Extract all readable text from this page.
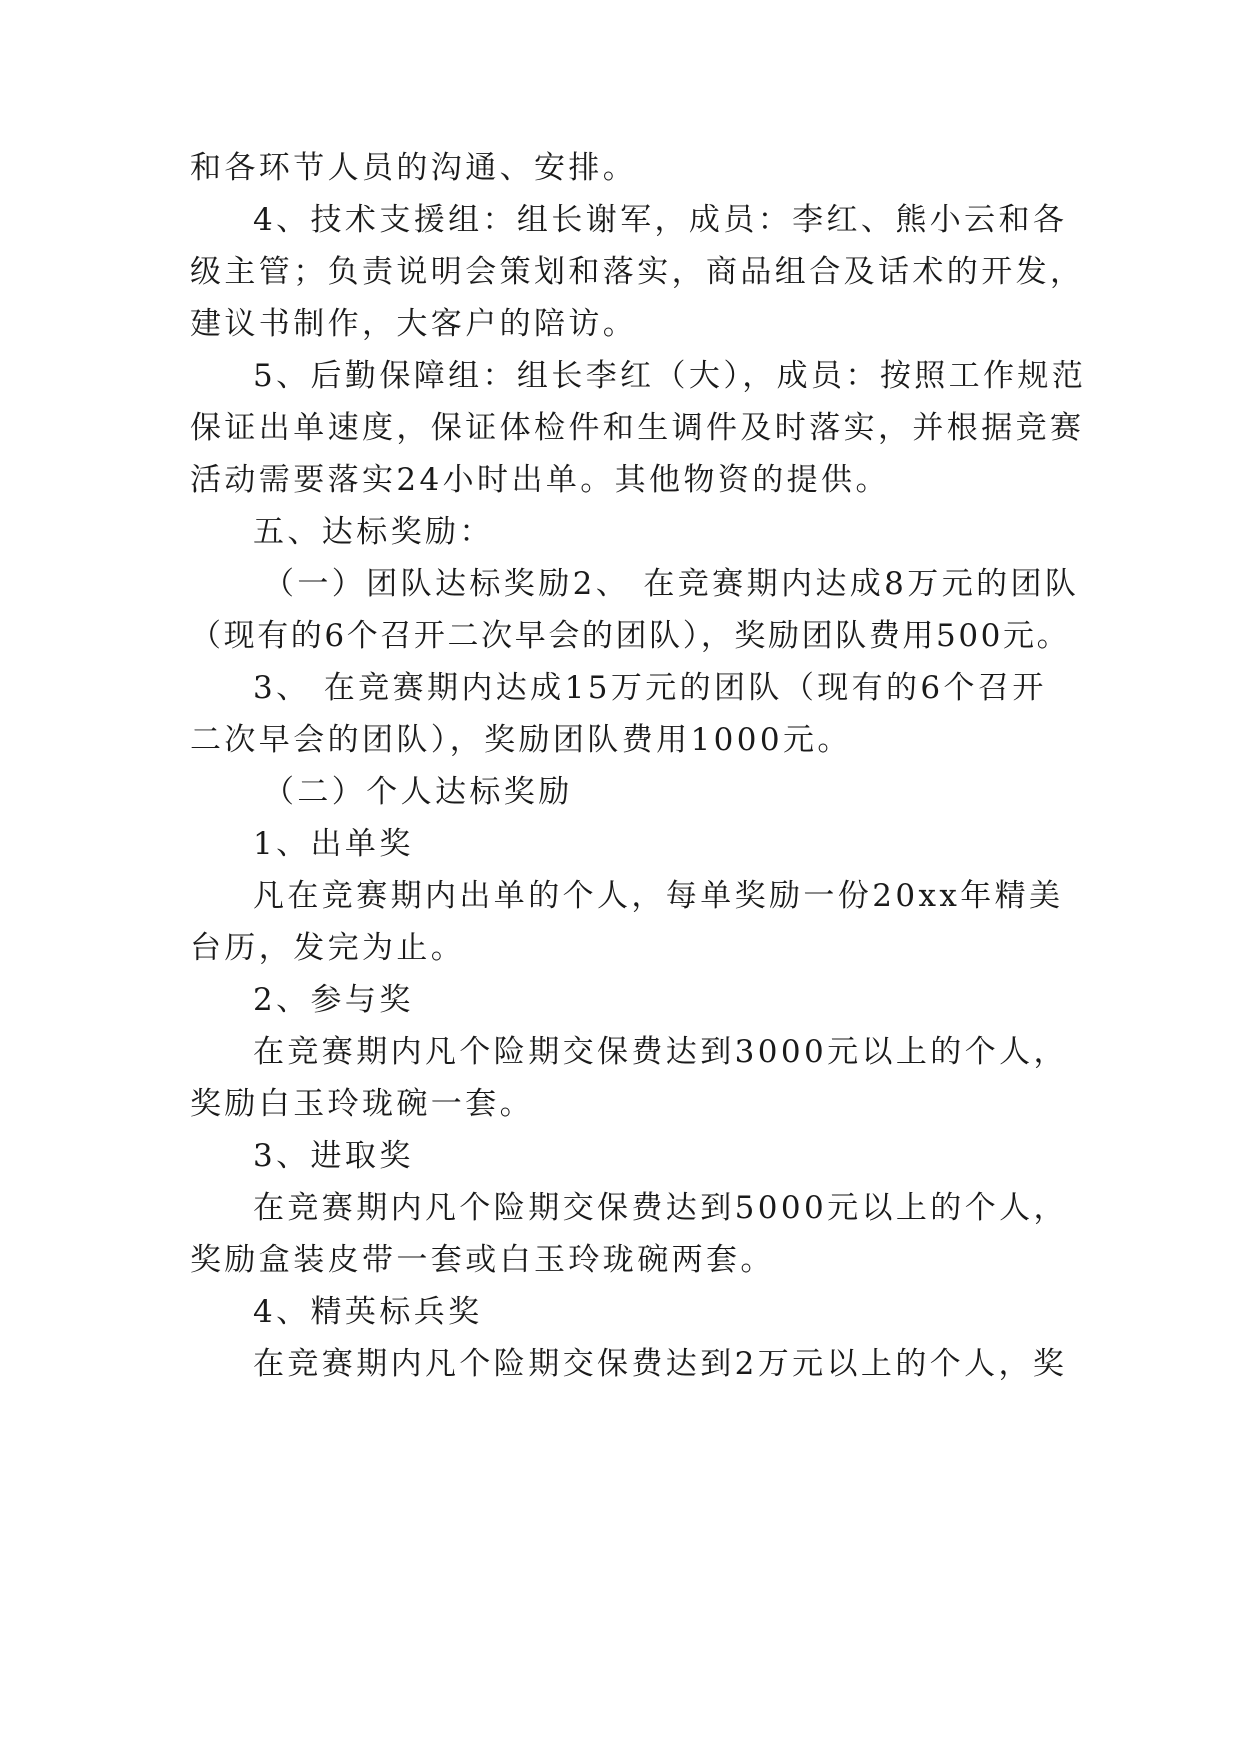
和各环节人员的沟通、安排。
4、技术支援组：组长谢军，成员：李红、熊小云和各
级主管；负责说明会策划和落实，商品组合及话术的开发，
建议书制作，大客户的陪访。
5、后勤保障组：组长李红（大），成员：按照工作规范
保证出单速度，保证体检件和生调件及时落实，并根据竞赛
活动需要落实24小时出单。其他物资的提供。
五、达标奖励：
（一）团队达标奖励2、 在竞赛期内达成8万元的团队
（现有的6个召开二次早会的团队），奖励团队费用500元。
3、 在竞赛期内达成15万元的团队（现有的6个召开
二次早会的团队），奖励团队费用1000元。
（二）个人达标奖励
1、出单奖
凡在竞赛期内出单的个人，每单奖励一份20xx年精美
台历，发完为止。
2、参与奖
在竞赛期内凡个险期交保费达到3000元以上的个人，
奖励白玉玲珑碗一套。
3、进取奖
在竞赛期内凡个险期交保费达到5000元以上的个人，
奖励盒装皮带一套或白玉玲珑碗两套。
4、精英标兵奖
在竞赛期内凡个险期交保费达到2万元以上的个人，奖
